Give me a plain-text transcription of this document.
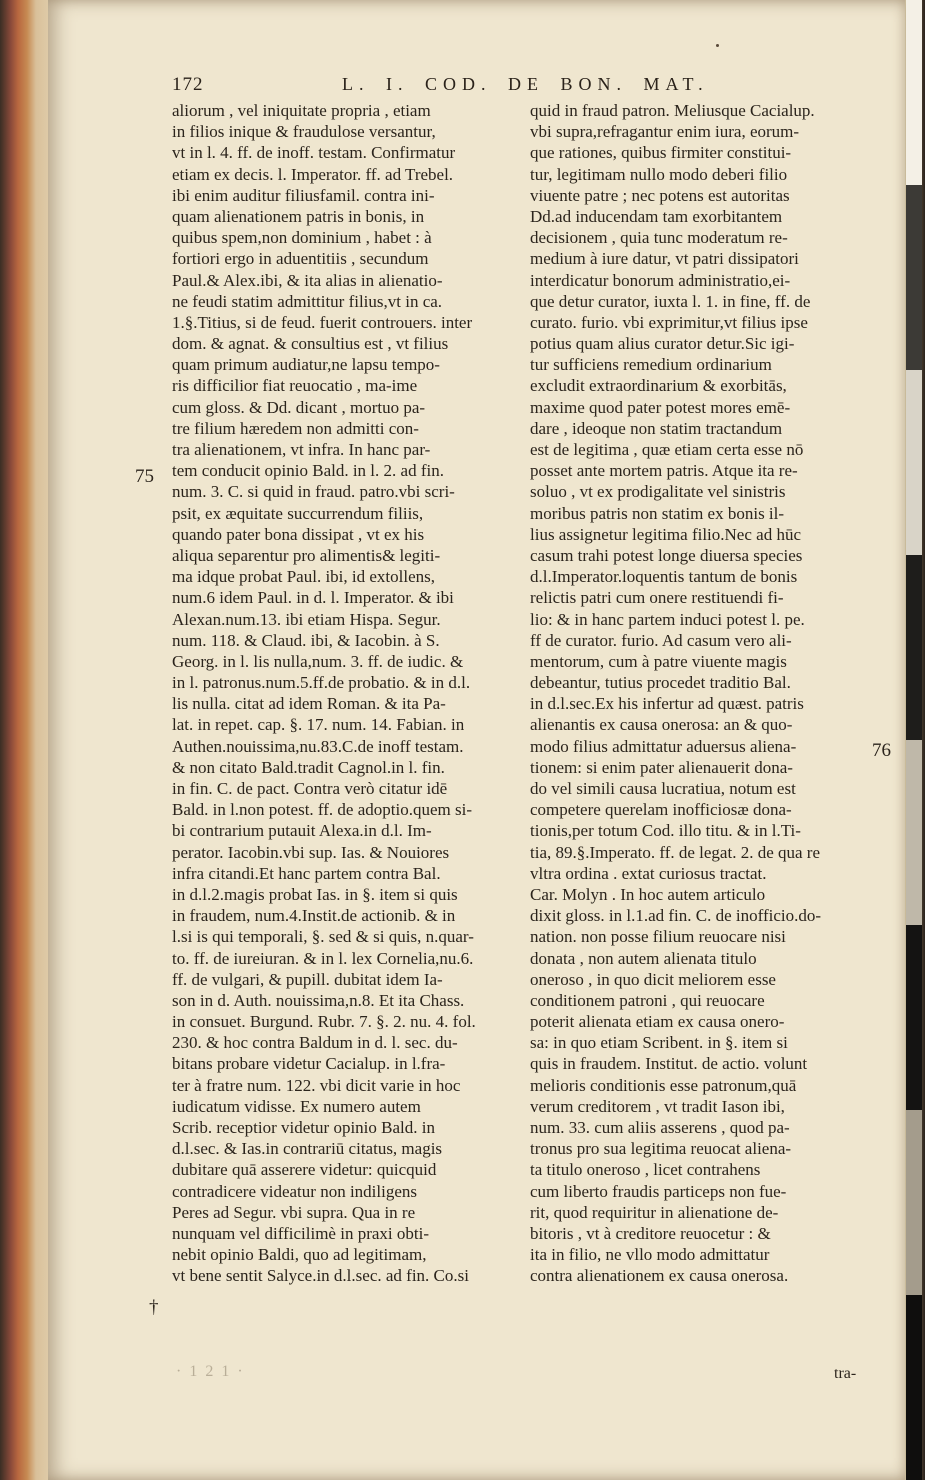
172	L. I. COD. DE BON. MAT.
aliorum , vel iniquitate propria , etiam
in filios inique & fraudulose versantur,
vt in l. 4. ff. de inoff. testam. Confirmatur
etiam ex decis. l. Imperator. ff. ad Trebel.
ibi enim auditur filiusfamil. contra ini-
quam alienationem patris in bonis, in
quibus spem,non dominium , habet : à
fortiori ergo in aduentitiis , secundum
Paul.& Alex.ibi, & ita alias in alienatio-
ne feudi statim admittitur filius,vt in ca.
1.§.Titius, si de feud. fuerit controuers. inter
dom. & agnat. & consultius est , vt filius
quam primum audiatur,ne lapsu tempo-
ris difficilior fiat reuocatio , ma-ime
cum gloss. & Dd. dicant , mortuo pa-
tre filium hæredem non admitti con-
tra alienationem, vt infra. In hanc par-
tem conducit opinio Bald. in l. 2. ad fin.
num. 3. C. si quid in fraud. patro.vbi scri-
psit, ex æquitate succurrendum filiis,
quando pater bona dissipat , vt ex his
aliqua separentur pro alimentis& legiti-
ma idque probat Paul. ibi, id extollens,
num.6 idem Paul. in d. l. Imperator. & ibi
Alexan.num.13. ibi etiam Hispa. Segur.
num. 118. & Claud. ibi, & Iacobin. à S.
Georg. in l. lis nulla,num. 3. ff. de iudic. &
in l. patronus.num.5.ff.de probatio. & in d.l.
lis nulla. citat ad idem Roman. & ita Pa-
lat. in repet. cap. §. 17. num. 14. Fabian. in
Authen.nouissima,nu.83.C.de inoff testam.
& non citato Bald.tradit Cagnol.in l. fin.
in fin. C. de pact. Contra verò citatur idē
Bald. in l.non potest. ff. de adoptio.quem si-
bi contrarium putauit Alexa.in d.l. Im-
perator. Iacobin.vbi sup. Ias. & Nouiores
infra citandi.Et hanc partem contra Bal.
in d.l.2.magis probat Ias. in §. item si quis
in fraudem, num.4.Instit.de actionib. & in
l.si is qui temporali, §. sed & si quis, n.quar-
to. ff. de iureiuran. & in l. lex Cornelia,nu.6.
ff. de vulgari, & pupill. dubitat idem Ia-
son in d. Auth. nouissima,n.8. Et ita Chass.
in consuet. Burgund. Rubr. 7. §. 2. nu. 4. fol.
230. & hoc contra Baldum in d. l. sec. du-
bitans probare videtur Cacialup. in l.fra-
ter à fratre num. 122. vbi dicit varie in hoc
iudicatum vidisse. Ex numero autem
Scrib. receptior videtur opinio Bald. in
d.l.sec. & Ias.in contrariū citatus, magis
dubitare quā asserere videtur: quicquid
contradicere videatur non indiligens
Peres ad Segur. vbi supra. Qua in re
nunquam vel difficilimè in praxi obti-
nebit opinio Baldi, quo ad legitimam,
vt bene sentit Salyce.in d.l.sec. ad fin. Co.si
quid in fraud patron. Meliusque Cacialup.
vbi supra,refragantur enim iura, eorum-
que rationes, quibus firmiter constitui-
tur, legitimam nullo modo deberi filio
viuente patre ; nec potens est autoritas
Dd.ad inducendam tam exorbitantem
decisionem , quia tunc moderatum re-
medium à iure datur, vt patri dissipatori
interdicatur bonorum administratio,ei-
que detur curator, iuxta l. 1. in fine, ff. de
curato. furio. vbi exprimitur,vt filius ipse
potius quam alius curator detur.Sic igi-
tur sufficiens remedium ordinarium
excludit extraordinarium & exorbitās,
maxime quod pater potest mores emē-
dare , ideoque non statim tractandum
est de legitima , quæ etiam certa esse nō
posset ante mortem patris. Atque ita re-
soluo , vt ex prodigalitate vel sinistris
moribus patris non statim ex bonis il-
lius assignetur legitima filio.Nec ad hūc
casum trahi potest longe diuersa species
d.l.Imperator.loquentis tantum de bonis
relictis patri cum onere restituendi fi-
lio: & in hanc partem induci potest l. pe.
ff de curator. furio. Ad casum vero ali-
mentorum, cum à patre viuente magis
debeantur, tutius procedet traditio Bal.
in d.l.sec.Ex his infertur ad quæst. patris
alienantis ex causa onerosa: an & quo-
modo filius admittatur aduersus aliena-
tionem: si enim pater alienauerit dona-
do vel simili causa lucratiua, notum est
competere querelam inofficiosæ dona-
tionis,per totum Cod. illo titu. & in l.Ti-
tia, 89.§.Imperato. ff. de legat. 2. de qua re
vltra ordina . extat curiosus tractat.
Car. Molyn . In hoc autem articulo
dixit gloss. in l.1.ad fin. C. de inofficio.do-
nation. non posse filium reuocare nisi
donata , non autem alienata titulo
oneroso , in quo dicit meliorem esse
conditionem patroni , qui reuocare
poterit alienata etiam ex causa onero-
sa: in quo etiam Scribent. in §. item si
quis in fraudem. Institut. de actio. volunt
melioris conditionis esse patronum,quā
verum creditorem , vt tradit Iason ibi,
num. 33. cum aliis asserens , quod pa-
tronus pro sua legitima reuocat aliena-
ta titulo oneroso , licet contrahens
cum liberto fraudis particeps non fue-
rit, quod requiritur in alienatione de-
bitoris , vt à creditore reuocetur : &
ita in filio, ne vllo modo admittatur
contra alienationem ex causa onerosa.
75
76
†
· 1 2 1 ·	tra-
